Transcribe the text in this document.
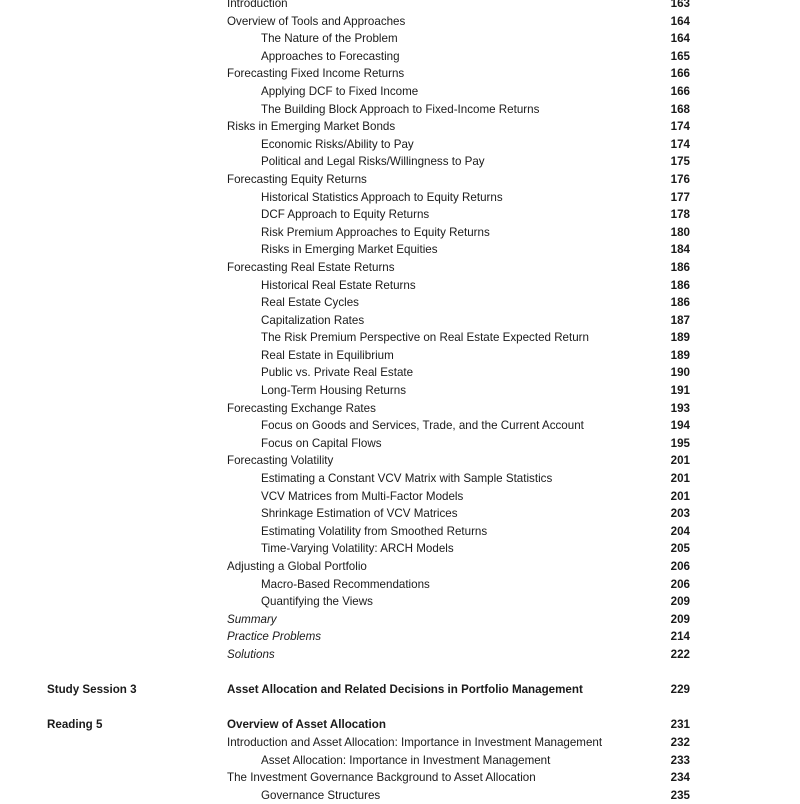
Introduction	163
Overview of Tools and Approaches	164
The Nature of the Problem	164
Approaches to Forecasting	165
Forecasting Fixed Income Returns	166
Applying DCF to Fixed Income	166
The Building Block Approach to Fixed-Income Returns	168
Risks in Emerging Market Bonds	174
Economic Risks/Ability to Pay	174
Political and Legal Risks/Willingness to Pay	175
Forecasting Equity Returns	176
Historical Statistics Approach to Equity Returns	177
DCF Approach to Equity Returns	178
Risk Premium Approaches to Equity Returns	180
Risks in Emerging Market Equities	184
Forecasting Real Estate Returns	186
Historical Real Estate Returns	186
Real Estate Cycles	186
Capitalization Rates	187
The Risk Premium Perspective on Real Estate Expected Return	189
Real Estate in Equilibrium	189
Public vs. Private Real Estate	190
Long-Term Housing Returns	191
Forecasting Exchange Rates	193
Focus on Goods and Services, Trade, and the Current Account	194
Focus on Capital Flows	195
Forecasting Volatility	201
Estimating a Constant VCV Matrix with Sample Statistics	201
VCV Matrices from Multi-Factor Models	201
Shrinkage Estimation of VCV Matrices	203
Estimating Volatility from Smoothed Returns	204
Time-Varying Volatility: ARCH Models	205
Adjusting a Global Portfolio	206
Macro-Based Recommendations	206
Quantifying the Views	209
Summary	209
Practice Problems	214
Solutions	222
Study Session 3	Asset Allocation and Related Decisions in Portfolio Management	229
Reading 5	Overview of Asset Allocation	231
Introduction and Asset Allocation: Importance in Investment Management	232
Asset Allocation: Importance in Investment Management	233
The Investment Governance Background to Asset Allocation	234
Governance Structures	235
